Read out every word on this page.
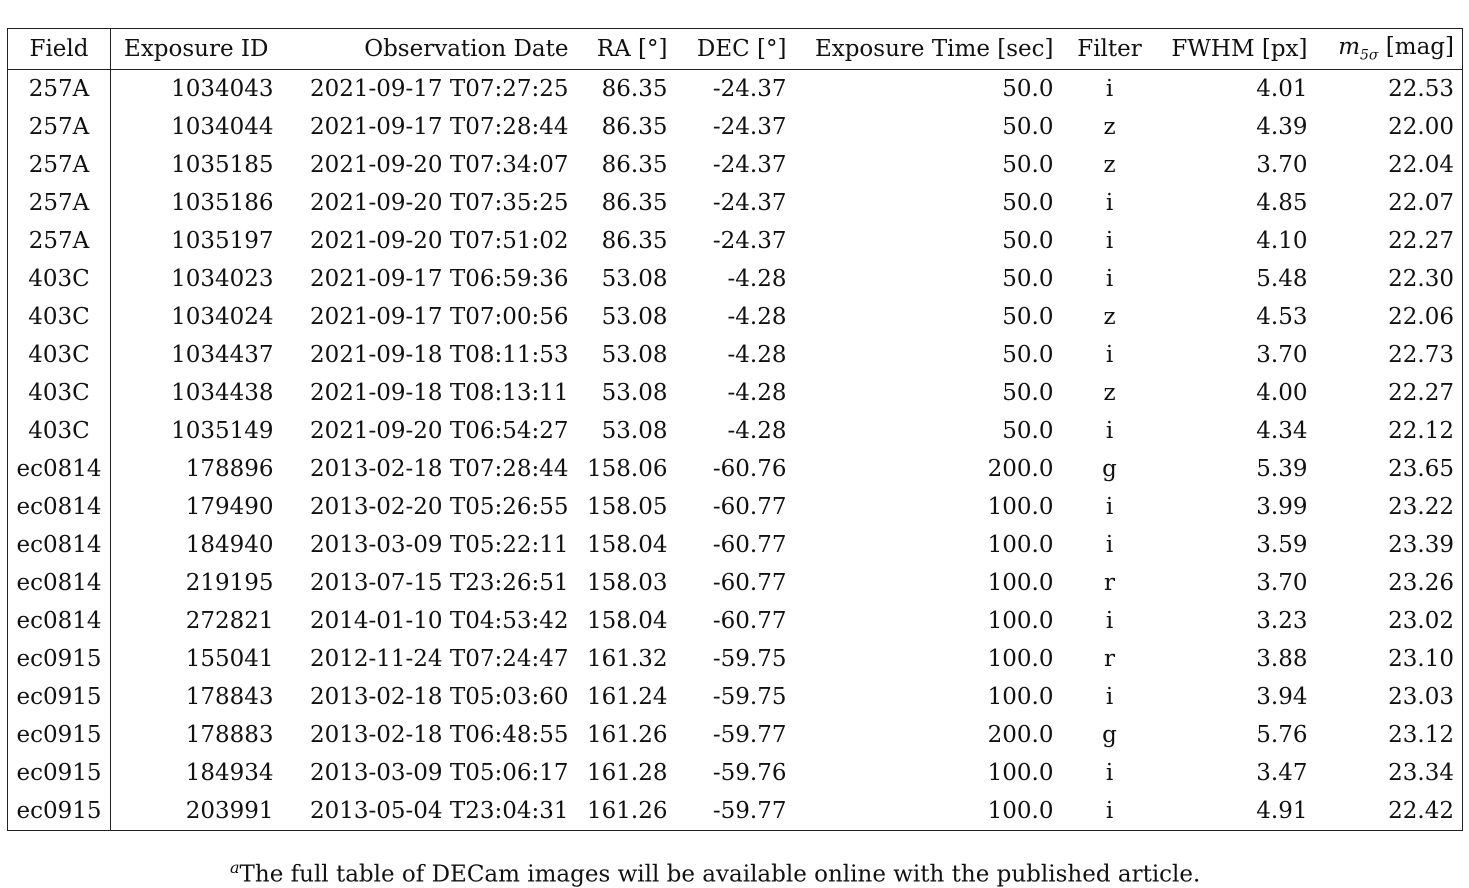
Field	Exposure ID	Observation Date	RA [°]	DEC [°]	Exposure Time [sec]	Filter	FWHM [px]	$m_{5\sigma}$ [mag]
257A	1034043	2021-09-17 T07:27:25	86.35	-24.37	50.0	i	4.01	22.53
257A	1034044	2021-09-17 T07:28:44	86.35	-24.37	50.0	z	4.39	22.00
257A	1035185	2021-09-20 T07:34:07	86.35	-24.37	50.0	z	3.70	22.04
257A	1035186	2021-09-20 T07:35:25	86.35	-24.37	50.0	i	4.85	22.07
257A	1035197	2021-09-20 T07:51:02	86.35	-24.37	50.0	i	4.10	22.27
403C	1034023	2021-09-17 T06:59:36	53.08	-4.28	50.0	i	5.48	22.30
403C	1034024	2021-09-17 T07:00:56	53.08	-4.28	50.0	z	4.53	22.06
403C	1034437	2021-09-18 T08:11:53	53.08	-4.28	50.0	i	3.70	22.73
403C	1034438	2021-09-18 T08:13:11	53.08	-4.28	50.0	z	4.00	22.27
403C	1035149	2021-09-20 T06:54:27	53.08	-4.28	50.0	i	4.34	22.12
ec0814	178896	2013-02-18 T07:28:44	158.06	-60.76	200.0	g	5.39	23.65
ec0814	179490	2013-02-20 T05:26:55	158.05	-60.77	100.0	i	3.99	23.22
ec0814	184940	2013-03-09 T05:22:11	158.04	-60.77	100.0	i	3.59	23.39
ec0814	219195	2013-07-15 T23:26:51	158.03	-60.77	100.0	r	3.70	23.26
ec0814	272821	2014-01-10 T04:53:42	158.04	-60.77	100.0	i	3.23	23.02
ec0915	155041	2012-11-24 T07:24:47	161.32	-59.75	100.0	r	3.88	23.10
ec0915	178843	2013-02-18 T05:03:60	161.24	-59.75	100.0	i	3.94	23.03
ec0915	178883	2013-02-18 T06:48:55	161.26	-59.77	200.0	g	5.76	23.12
ec0915	184934	2013-03-09 T05:06:17	161.28	-59.76	100.0	i	3.47	23.34
ec0915	203991	2013-05-04 T23:04:31	161.26	-59.77	100.0	i	4.91	22.42
$^a$The full table of DECam images will be available online with the published article.
